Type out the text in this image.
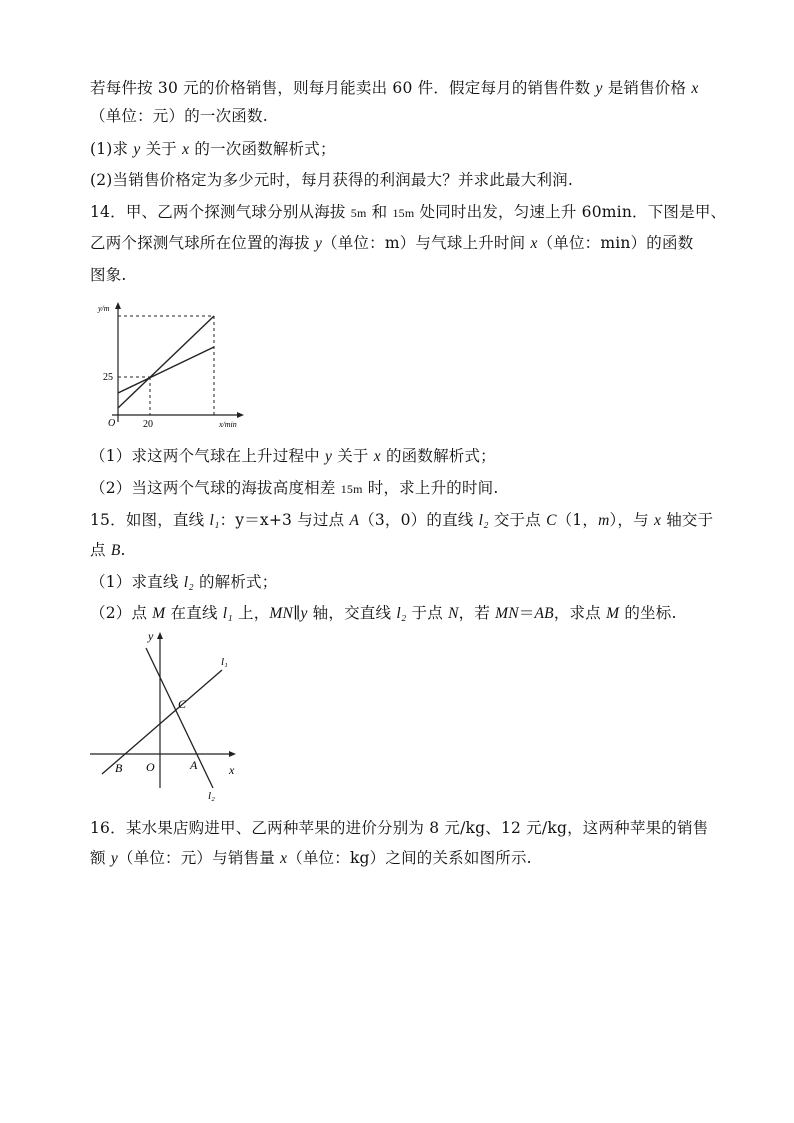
若每件按 30 元的价格销售，则每月能卖出 60 件．假定每月的销售件数 y 是销售价格 x
（单位：元）的一次函数.
(1)求 y 关于 x 的一次函数解析式；
(2)当销售价格定为多少元时，每月获得的利润最大？并求此最大利润.
14．甲、乙两个探测气球分别从海拔 5m 和 15m 处同时出发，匀速上升 60min．下图是甲、
乙两个探测气球所在位置的海拔 y（单位：m）与气球上升时间 x（单位：min）的函数
图象.
（1）求这两个气球在上升过程中 y 关于 x 的函数解析式；
（2）当这两个气球的海拔高度相差 15m 时，求上升的时间.
15．如图，直线 l₁：y＝x+3 与过点 A（3，0）的直线 l₂ 交于点 C（1，m），与 x 轴交于
点 B.
（1）求直线 l₂ 的解析式；
（2）点 M 在直线 l₁ 上，MN∥y 轴，交直线 l₂ 于点 N，若 MN＝AB，求点 M 的坐标.
16．某水果店购进甲、乙两种苹果的进价分别为 8 元/kg、12 元/kg，这两种苹果的销售
额 y（单位：元）与销售量 x（单位：kg）之间的关系如图所示.
y/m
x/min
O
25
20
y
x
O
B	A
C
l₁
l₂
